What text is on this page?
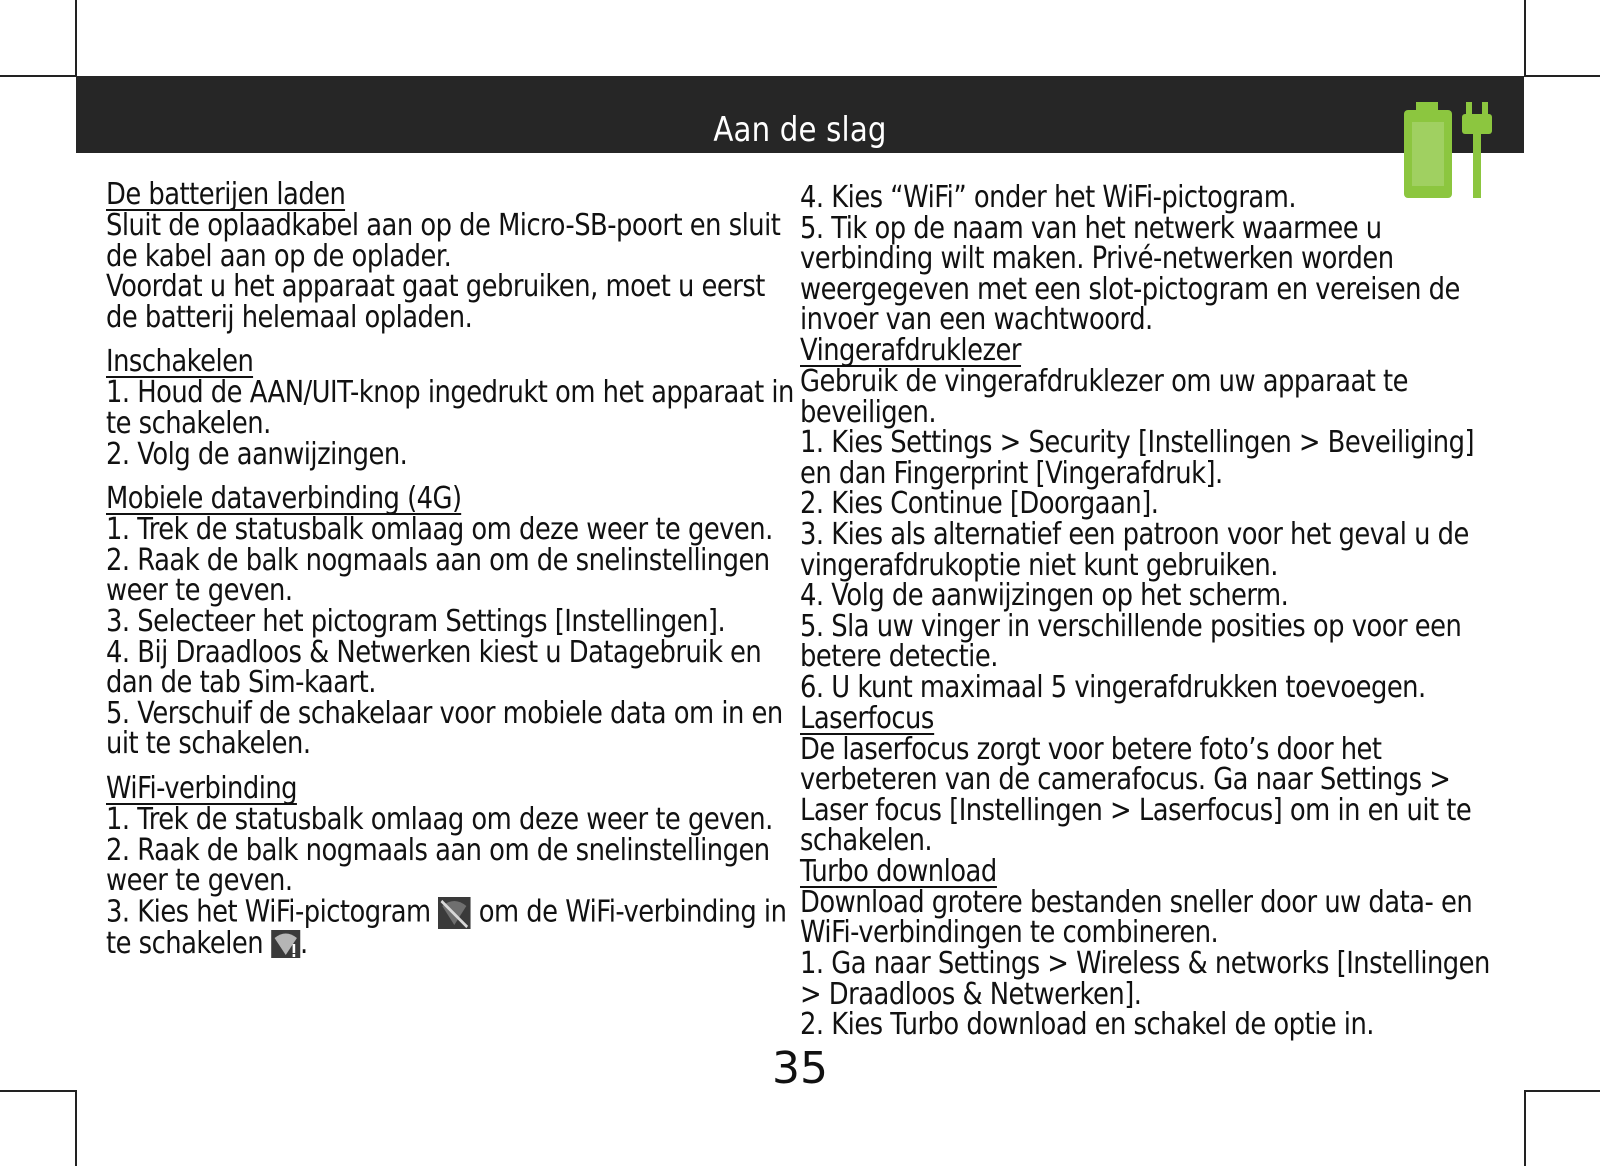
Aan de slag
De batterijen laden

Sluit de oplaadkabel aan op de Micro-SB-poort en sluit de kabel aan op de oplader.

Voordat u het apparaat gaat gebruiken, moet u eerst de batterij helemaal opladen.

Inschakelen

1. Houd de AAN/UIT-knop ingedrukt om het apparaat in te schakelen.

2. Volg de aanwijzingen.

Mobiele dataverbinding (4G)

1. Trek de statusbalk omlaag om deze weer te geven.

2. Raak de balk nogmaals aan om de snelinstellingen weer te geven.

3. Selecteer het pictogram Settings [Instellingen].

4. Bij Draadloos & Netwerken kiest u Datagebruik en dan de tab Sim-kaart.

5. Verschuif de schakelaar voor mobiele data om in en uit te schakelen.

WiFi-verbinding

1. Trek de statusbalk omlaag om deze weer te geven.

2. Raak de balk nogmaals aan om de snelinstellingen weer te geven.

3. Kies het WiFi-pictogram om de WiFi-verbinding in te schakelen .

4. Kies “WiFi” onder het WiFi-pictogram.

5. Tik op de naam van het netwerk waarmee u verbinding wilt maken. Privé-netwerken worden weergegeven met een slot-pictogram en vereisen de invoer van een wachtwoord.

Vingerafdruklezer

Gebruik de vingerafdruklezer om uw apparaat te beveiligen.

1. Kies Settings > Security [Instellingen > Beveiliging] en dan Fingerprint [Vingerafdruk].

2. Kies Continue [Doorgaan].

3. Kies als alternatief een patroon voor het geval u de vingerafdrukoptie niet kunt gebruiken.

4. Volg de aanwijzingen op het scherm.

5. Sla uw vinger in verschillende posities op voor een betere detectie.

6. U kunt maximaal 5 vingerafdrukken toevoegen.

Laserfocus

De laserfocus zorgt voor betere foto’s door het verbeteren van de camerafocus. Ga naar Settings > Laser focus [Instellingen > Laserfocus] om in en uit te schakelen.

Turbo download

Download grotere bestanden sneller door uw data- en WiFi-verbindingen te combineren.

1. Ga naar Settings > Wireless & networks [Instellingen > Draadloos & Netwerken].

2. Kies Turbo download en schakel de optie in.

35
